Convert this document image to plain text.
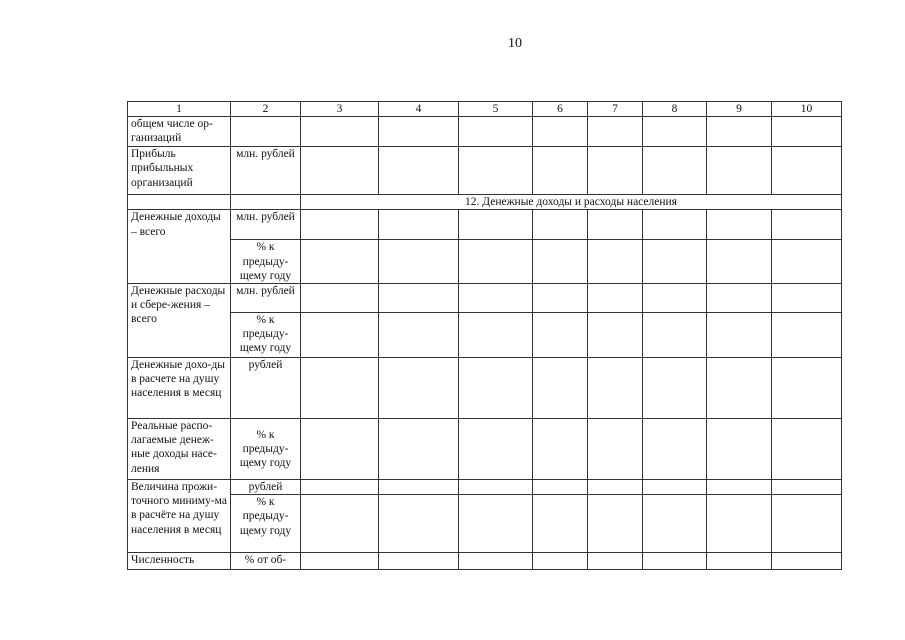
10
1	2	3	4	5	6	7	8	9	10
общем числе ор-ганизаций									
Прибыль прибыльных организаций	млн. рублей								
		12. Денежные доходы и расходы населения							
Денежные доходы – всего	млн. рублей								
	% к предыду-щему году								
Денежные расходы и сбере-жения – всего	млн. рублей								
	% к предыду-щему году								
Денежные дохо-ды в расчете на душу населения в месяц	рублей								
Реальные распо-лагаемые денеж-ные доходы насе-ления	% к предыду-щему году								
Величина прожи-точного миниму-ма в расчёте на душу населения в месяц	рублей								
	% к предыду-щему году								
Численность	% от об-								
